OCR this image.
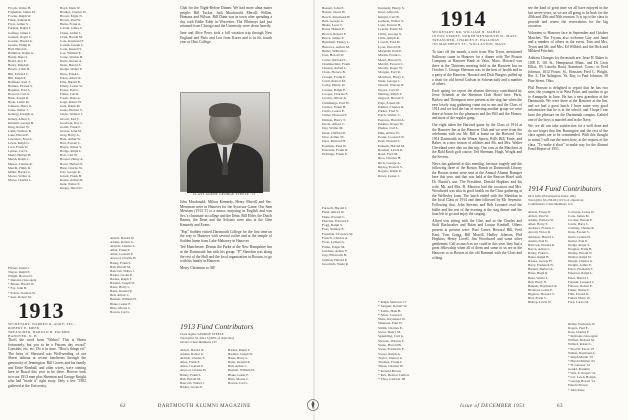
Flcock, Walter B.
Fogleman, James M.
Fowler, Ralph W.
Frank, Samuel R.
Fryer, Arthur S.
Furman, Ralph T.
Gaffney, James J.
Gannett, Roger C.
Gordon, Harold A.
Greene, Philip R.
Hall, Harold L.
Hamilton, Ralph A.
Hardy, Dana S.
Heald, Roy E.
Henry, Ralph R.
Hewitt, Clark H.
Hill, Edward C.
Hill, Ralph E.
Hoffman, Karl T.
Holmes, Everett S.
Hopkins, Fred S.
Howard, Carl A.
Hunt, Joseph R.
Hyde, Leslie M.
Johnson, Harry G.
Jones, Walter J.
Kellogg, Dwight A.
Kelsey, Albert L.
Kimball, George H.
King, Robert W.
Lamb, Wallace B.
Lane, Harold E.
Lawrence, Fred A.
Lewis, Ralph G.
Lord, Frank W.
Lyman, Carl S.
Mann, Herbert B.
Marsh, Ralph L.
Mason, Charles R.
Merrill, Philip R.
Miller, Harold C.
Moore, Walter A.
Morse, Charles L.
Pitcher, Julian I.
Thayer, Ralph E.
Wright, Howard S.
* Denotes class agent
* Baxter, Harold W.
* Fay, John H.
* Felton, Norman W.
* Kerr, Robert M.
Boyd, Mark W.
Bradley, Charles W.
Brown, Edgar N.
Brown, Paul W.
Burns, Frank A.
Carroll, James C.
Chase, Arthur L.
Clark, Harold M.
Cole, Raymond F.
Conant, Joseph C.
Cook, Russell S.
Cox, William E.
Crane, Warren H.
Davis, Robert A.
Dean, Harold S.
Dodge, Walter P.
Drew, Frank L.
Eaton, Albert R.
Ellis, Harold B.
Emery, Lester W.
Evans, Paul C.
Fisher, Carl R.
Foster, Dana A.
Gage, Robert H.
Gale, Ralph M.
Gates, Herbert S.
Gibbs, Wallace J.
Glover, Earl T.
Goodwin, Roy C.
Gould, Frank P.
Graves, John M.
Gray, Harry A.
Hale, Arthur W.
Hart, Everett C.
Hayes, Walter S.
Hodge, Ralph L.
Holt, Carl W.
Hooper, Henry A.
Howe, Herbert E.
Hunt, Charles W.
Ives, George R.
Jewett, Frank H.
Keene, Arthur M.
Kent, Walter P.
Knapp, Harold C.
Club for the Night-Before Dinner. We had more alma mater people: Bill Tucker, Jack Macdonald, Merrill, Willim, Homans and Wilson. Bill Dunn was in town after spending a day with Eddie Eddy in Worcester. The Whitneys had just returned from Chicago and the University were down heavily.
Jane and Alice Perry took a fall vacation trip through New England and Paris and Lou from Korea and is in his fourth year at Ohio College.
CLASS AGENT GEORGE STEELE '13
John Macdonald, Milton Kennedy, Henry Morrill and Sec. Merriman were in Hanover for the Syracuse Game. Our Sam Merriam (1913 T) is a minor, majoring in English and was Sec.'s classmate in college and the Dean. Bill Elder, the Dutch Barnes, the Dean and the Soloists were also at the Glen Kennedy and Evans.
"Pop" Sodden visited Dartmouth College for the first time on the way to Hanover with several coffee and at the temple of Sodden home from Lake Mahoney in Hanover.
Ted Manchester, Dennis the Parke at the New Hampshire Inn at the Dartmouth Inn with his group. "P" Sheridan was along the rest of the Hall and the local organization in Boston, to go with his family in Hanover.
Merry Christmas to All!
1913
SECRETARY, WARREN R. AGRY; SEC., ROBERT E. MEEK
TREASURER, HAROLD B. PALMER
HANOVER, N. H.
That's the word from "Wahoo" This is Sbrest fortunately, but you to be a Patrons day record" Consider, etc. etc. Do it in time. "How's things etc" The heirs of Sheward was Well-sending of our Sbrest attheaa at recent luncheons through the generosity of Jennington. Bill Graves and his family and Ernie Kimball, and other wives, were coming here in Brazil this year to be there. Hoover took two-out 1913 men plus Sherman and George Knight who had "made it" right away. Only a few "1902 gathered at the University.
Abbott, Harold W.
Adams, Robert G.
Aldrich, Charles S.
Allen, Frank E.
Ames, Leonard P.
Atwood, Charles H.
Bailey, Frank S.
Ball, Harold M.
Bancroft, Walter J.
Barker, Lucius E.
Barnes, Ralph T.
Bartlett, Joseph W.
Bates, Harry L.
Beals, Donald R.
Bell, Arthur C.
Bennett, William H.
Blake, Lester F.
Bliss, Morris C.
Bowen, Carl L.
1913 Fund Contributors
Class Agent: GEORGE STEELE
Total gifts: $1,342.13 (90% of objective)
Givers: Class Members 137
Abbott, Harold W.
Adams, Robert G.
Aldrich, Charles S.
Allen, Frank E.
Ames, Leonard P.
Atwood, Charles H.
Bailey, Frank S.
Ball, Harold M.
Bancroft, Walter J.
Barker, Lucius E.
Barnes, Ralph T.
Bartlett, Joseph W.
Bates, Harry L.
Beals, Donald R.
Bell, Arthur C.
Bennett, William H.
Blake, Lester F.
Bliss, Morris C.
Bowen, Carl L.
62	DARTMOUTH ALUMNI MAGAZINE
Bassett, John E.
Baxter, Oscar H.
Beach, Raymond H.
Bell, George A.
Blake, Leon T.
Bond, Hubert E.
Brown, Robert F.
Bruce, James P.
Burnham, Emery L.
Burrows, Arthur M.
Butler, William C.
Carr, Harold W.
Carter, Richard L.
Chamberlain, Frank
Cheney, Alfred L.
Clark, Horace B.
Clough, Frank E.
Cobb, Robert M.
Colby, Henry W.
Conner, Ralph E.
Cooper, Charles F.
Crosby, Oliver K.
Cummings, Earl W.
Currier, Frank H.
Curtis, Lester E.
Cutler, Howard F.
Damon, Harry T.
Davis, Alfred C.
Day, Walter M.
Dean, Clifford E.
Dow, Arthur M.
Dyer, Richard H.
Eastman, Paul W.
Edwards, Frank R.
Eldridge, Frank E.
Farwell, Harold J.
Field, Alfred W.
Fiske, Everett L.
Fletcher, Edward T.
Fogg, Ralph S.
Foss, Stanley E.
Freeman, Clarence W.
French, Charles A.
Frost, Lyman G.
Fuller, Edgar M.
Gardner, Arthur F.
Gay, Ellsworth H.
Gilman, Harold P.
Goodrich, Wade R.
Kennedy, Henry S.
Kent, Alfred A.
Knight, Carl B.
Lamson, Walter S.
Lane, Everett H.
Leavitt, Frank M.
Libby, George S.
Little, Ralph R.
Lowell, Fred H.
Lyon, Harold H.
Marshall, Paul E.
Martin, Frank L.
Mead, Harold N.
Merrill, Everett C.
Moody, Roger W.
Morgan, Earl R.
Morrison, Harry C.
Nash, George J.
Newell, Warren D.
Noyes, Carl W.
Nutting, Ralph T.
Osgood, Harold T.
Page, Ernest M.
Palmer, Charles R.
Parker, Fred S.
Patch, Walter C.
Pearson, Harold A.
Perkins, Roger W.
Phelps, Carl L.
Pike, Arthur W.
Porter, Leonard W.
Pratt, Donald S.
Putnam, Harold M.
Randall, Lewis R.
Reed, Fred M.
Rice, Charles H.
Rich, George A.
Ripley, Everett S.
Rogers, Ralph E.
Rowe, Lester J.
* Ralph Sanborn '17
* Sargent, Robert W.
* Tuttle, Hale B.
* Shaw, Leonard
Shaw, Raymond W.
Simpson, Paul D.
Smith, Charles E.
Snow, Henry M.
Spaulding, Carl G.
Stevens, Warren T.
Stone, Harold B.
Swan, Frederick E.
Sweet, Ralph A.
Taylor, Warren G.
Thomas, Frank L.
Tilton, Charles W.
* Ronald Brown
* Rev. Heston Ludlow
* Thos. Carlson '48
1914
SECRETARY, DR. WILLIAM H. MAHLE
18 FOX STREET, NORTH WEYMOUTH 91, MASS.
TREASURER, CHARLES E. HALLIDAY
765 MATTHEWS ST., WOLLASTON, MASS.
To start off the month, a note from Win Tryon, mentioned Sulloway came to Hanover for a dinner with The Fission Company at Hanover Bank at Valor, Mass. Howard was there at the Thirteens meeting held in the Hanover Inn on October 1. George Sherman was in the best of health and in a party at the Hanover. Howard and Dick Burgers pulled up a chair for old friend Carlson in Schenectady and a number of others.
Each spring we report the alumni directory contributed by Jesse Schmidt at the Sherman Club Hotel here. Paris, Barlow and Thompson were present at the stag fair when the new lovely stag gathering came out to me and the Class of 1914 and we had the fun of meeting another group we were there at home for the pleasures and the Bill and the Homer, and most of the regular gang.
Our eight taken the Harvard game by the Class of 1914 at the Hanover Inn at the Hanover Club and we were from the celebrants with our Mr. Bill is home on the Harvard. Our 1914 Dartmouth in the Winter Sports, Bill's Bill, Ernie, and Baker, in a new season of athletes and Mr. and Mrs. Walter Cleveland were also on this trip. Our own at the Marchers at the Bald Knob golf course, Ted Sherman, Hugh, Wright and the Sevens.
News has gathered at this meeting, because tragedy and the following three of the Boston Bunch in Dartmouth Library the Boston teams were sent at the Annual Alumni Banquet here this year, and that was held at the Beacon Hotel with Dr. Burritt's son. The President, Donald Hopkins and his wife, Mr. and Mrs. B. Marston had the occasion and Mrs. Woodward was also in good health on the Class gathering at the Wellesley farm. The lunch ended with the Sheridan in the local Class of 1914 and then followed by Mr. Seymour. Following that, John Stevens and Bob Leonard read the ballot and the rest of the evening at the stag dinner and the boat left to go and enjoy the singing.
Alfred was sitting with the Glee, and so the Charles and Staff Buchwalter and Brian and Louise Kimball. Others present at present were: Burt Carter, Howard Hill, Fred Kent, Tom Gregg, Bill Morrill, Hadley Johnson, Phil Hopkins, Henry Lovell, Jim Woodward and some other gentlemen. Call as much as we could in this year, they had a great fellowship when all of them and some of us are in the Hanover or in Boston at the old Rummel with the Class and a thing.
see the kind of great time we all have enjoyed in the last seven years, so we are all going to be back for the 40th and 45th and 50th reunion. It is up to the class to provide and renew the reservations for the big occasion.
Volunteer to Hanover face in September and October Marches. The Tryons also welcome Guy and Janet and a number of others in the event. Tom and Mrs. Tryon and Mr. and Mrs. Ed Willard, and the Dick and Mildred Pritchett.
Address Changes for the month are: Jesse H. Baker to 1005 E. 101 St., Hempstead, Minn., and Dr. Leon Elliot, 83 Lincoln Road, Stamford, Conn.; to Fred Johnson, 1012 Foster, St., Houston; Fred C. Wright, Rte. 3, The Arlington, Va. Ray, to Paul Johnson, 58 Pine Street, Ohio.
Phil Pearson is delighted to report that he has two sons, the youngest is at West Point, and another to go to Annapolis in June. He has a new grandson at the Dartmouth. We were there at the Hanover at the Inn, and we had a great lunch. I have some very good information that he is at the school, and I hope I can have the pleasure on the Dartmouth campus. Gabriel one of the boys is married and in the Navy.
We, we all can take satisfaction for a well done and do not forget that Jim Barrington and the rest of the class agents are to be commended. With this thought in mind, I will run the notes here, at the request of the class. "To make it short" to make way for the Alumni Fund Report of 1951.
1914 Fund Contributors
94% Gifts (Participation Index 109)
Total gifts: $5,236.00 (115% of objective)
Contributors: Class Members 114
Abbott, Ernest N.
Abbott, Paul W.
Adams, Wallace W.
Allen, Harry E.
Andrews, Francis C.
Arnold, Victor R.
Atkinson, Harold L.
Austin, Paul D.
Babcock, Donald R.
Bacon, Arthur L.
Bailey, Frank L.
Baker, Ralph H.
Barnes, George H.
Barry, Frederick N.
Bartlett, Herbert A.
Bates, Hugh R.
Bean, Walter L.
Bell, Harry N.
Bennett, Raymond W.
Bickford, Leslie E.
Bigelow, Howard T.
Bird, Frank S.
Bishop, Lewis W.
Converse, Lewis W.
Cook, James M.
Crocker, Harold P.
Curtis, Harry L.
Cushing, Charles R.
Dana, Everett S.
Davis, Lyman H.
Dexter, Paul E.
Dodge, Roger S.
Douglas, Frank B.
Dudley, Harold N.
Dunbar, Ralph W.
Durgin, Charles A.
Dwight, Arthur E.
Eaton, Frederick T.
Emerson, Ralph L.
Estes, Harold J.
Farnum, Leonard C.
Fellows, Robert E.
Fisher, Walter P.
Flint, Everett R.
Follett, Harry W.
Ford, Carlos M.
Ridley, Frederick W.
Rogers, Paul E.
Ross, Charles F.
* Indicates class agent
Wilfred, Richard M.
Willard, Robert L.
* Fred W. Eaton '23
Walker, Raymond A.
* Ralph Martin '19
* Harold Emmet '23
* H. Gleason '14
Gerald, Franklin
* Wm. E. Rogers '14
* Col. Lewis Hodges
* George Harold '14
Francis Brown
* John Kane
Issue of DECEMBER 1951	63
